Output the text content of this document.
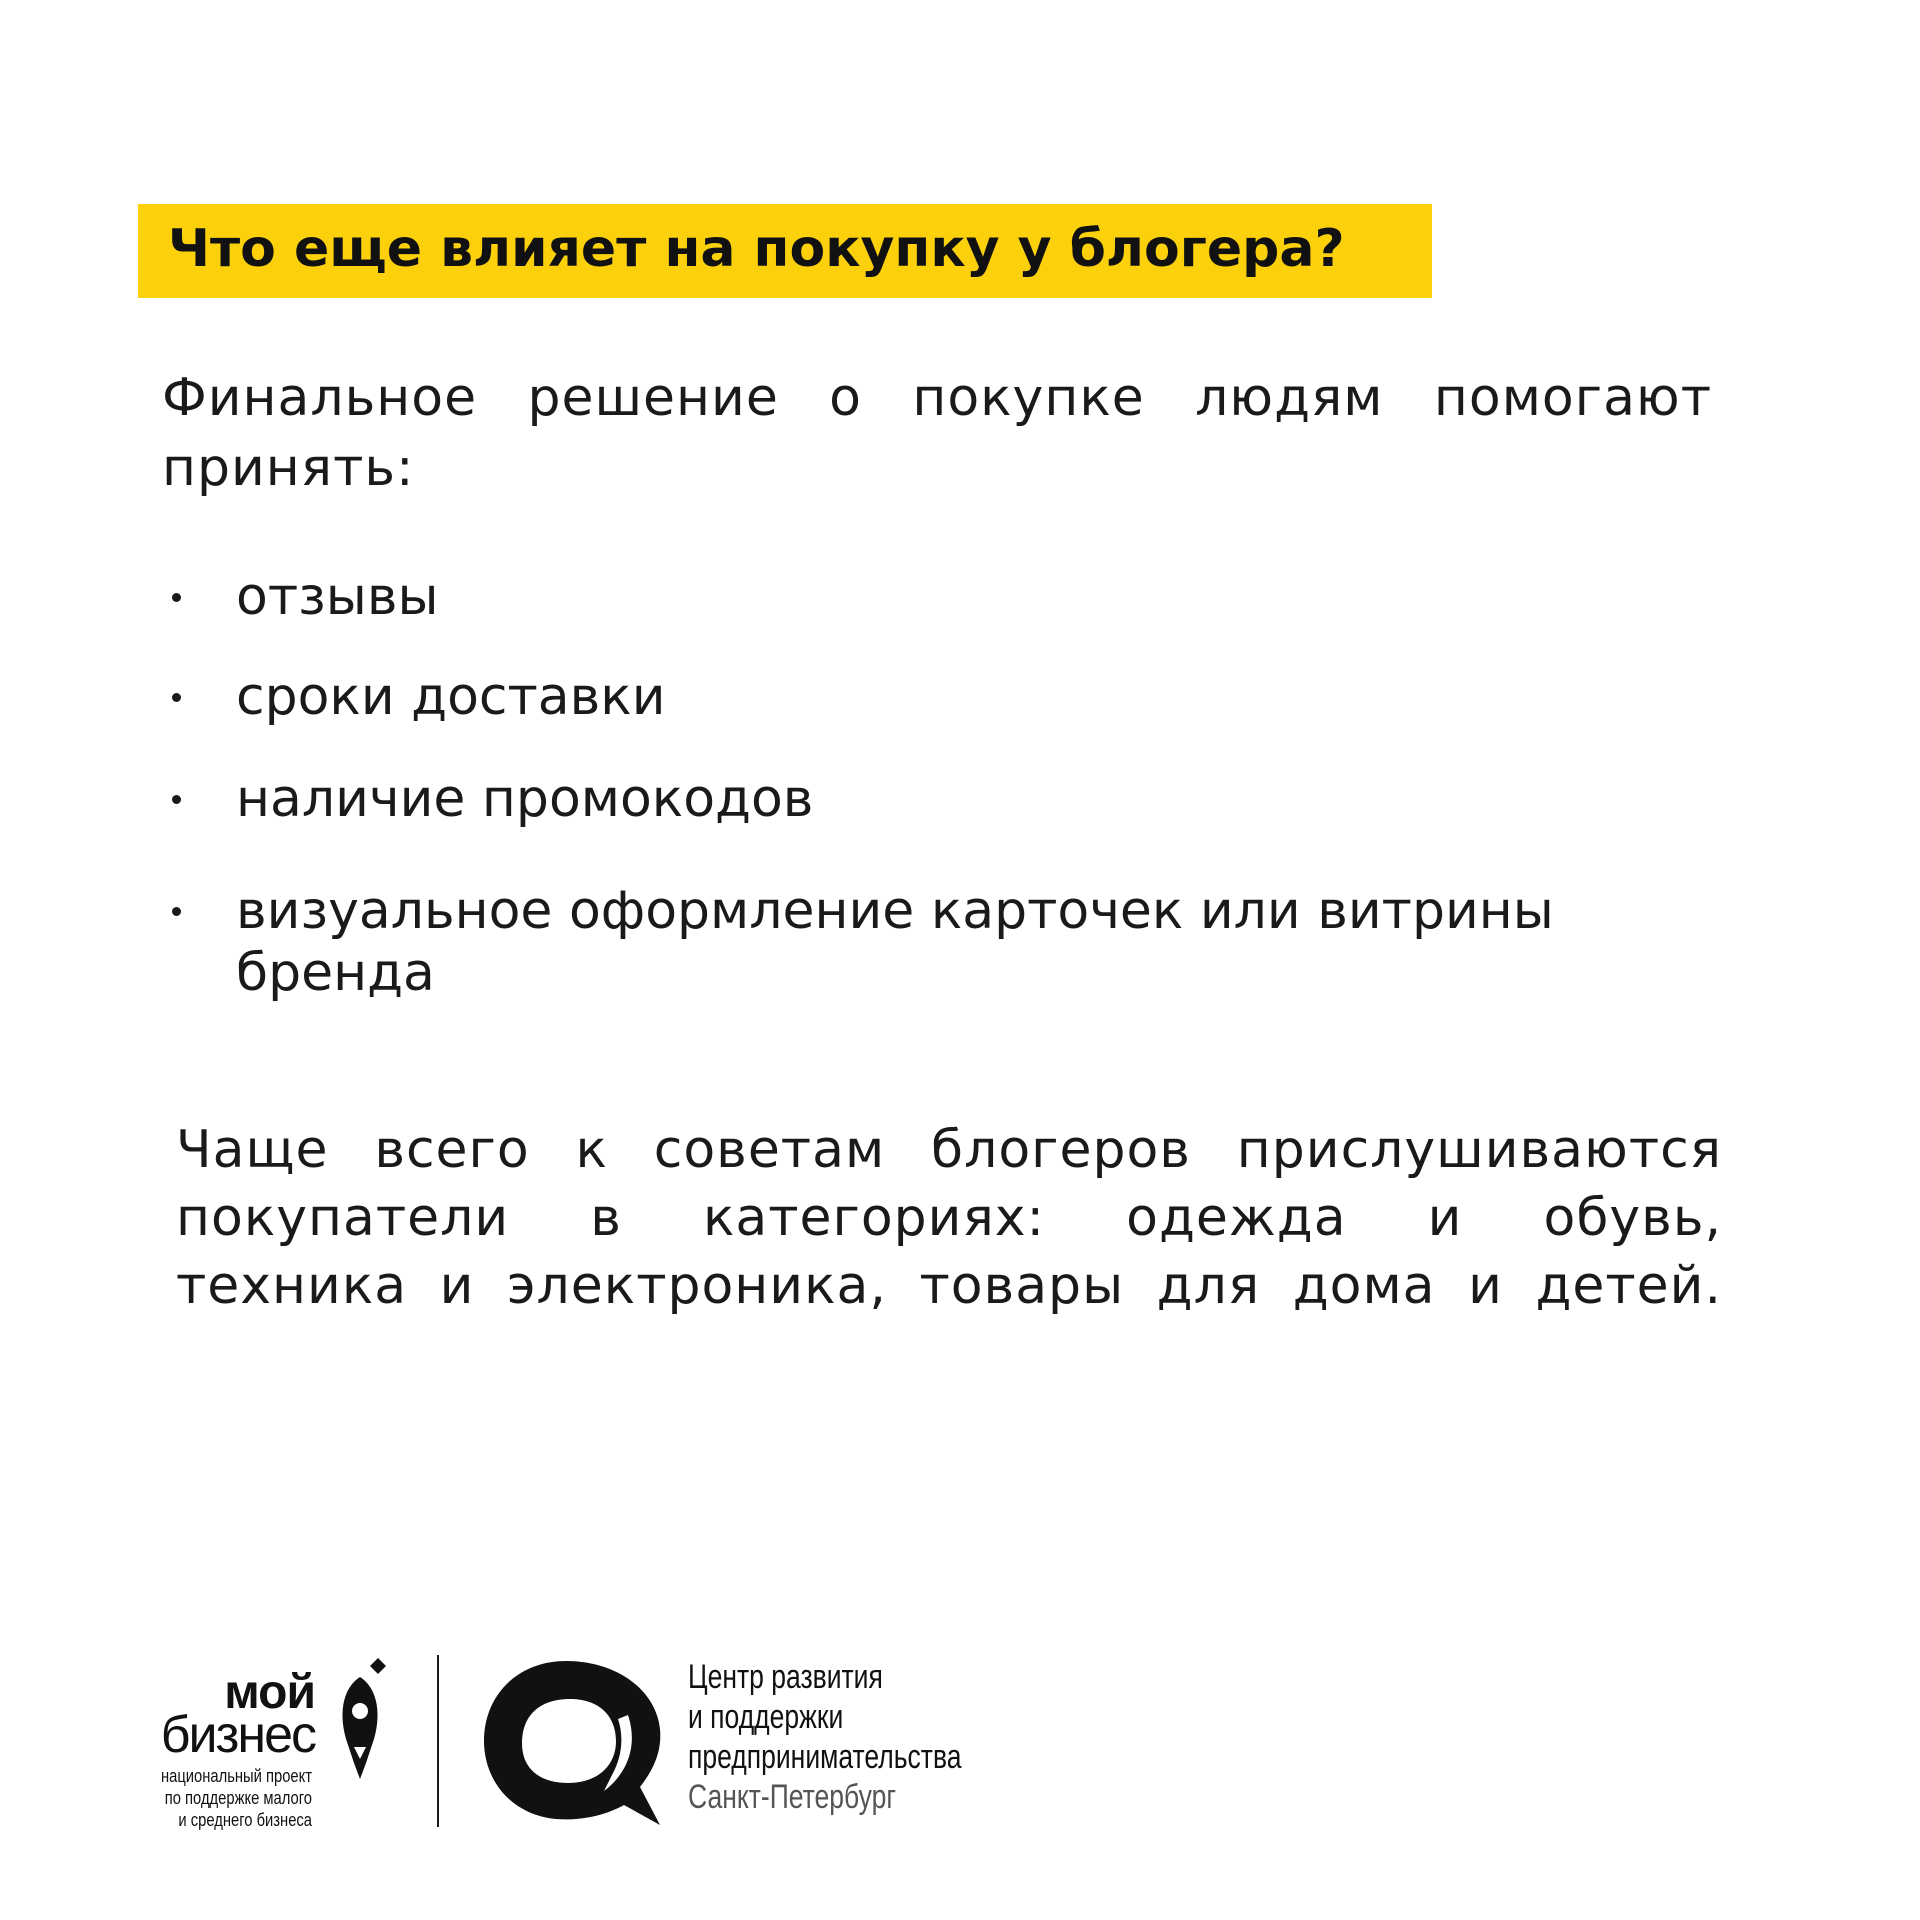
Что еще влияет на покупку у блогера?
Финальное решение о покупке людям помогают принять:
отзывы
сроки доставки
наличие промокодов
визуальное оформление карточек или витрины бренда
Чаще всего к советам блогеров прислушиваются
покупатели в категориях: одежда и обувь,
техника и электроника, товары для дома и детей.
мой
бизнес
национальный проект
по поддержке малого
и среднего бизнеса
Центр развития
и поддержки
предпринимательства
Санкт-Петербург
